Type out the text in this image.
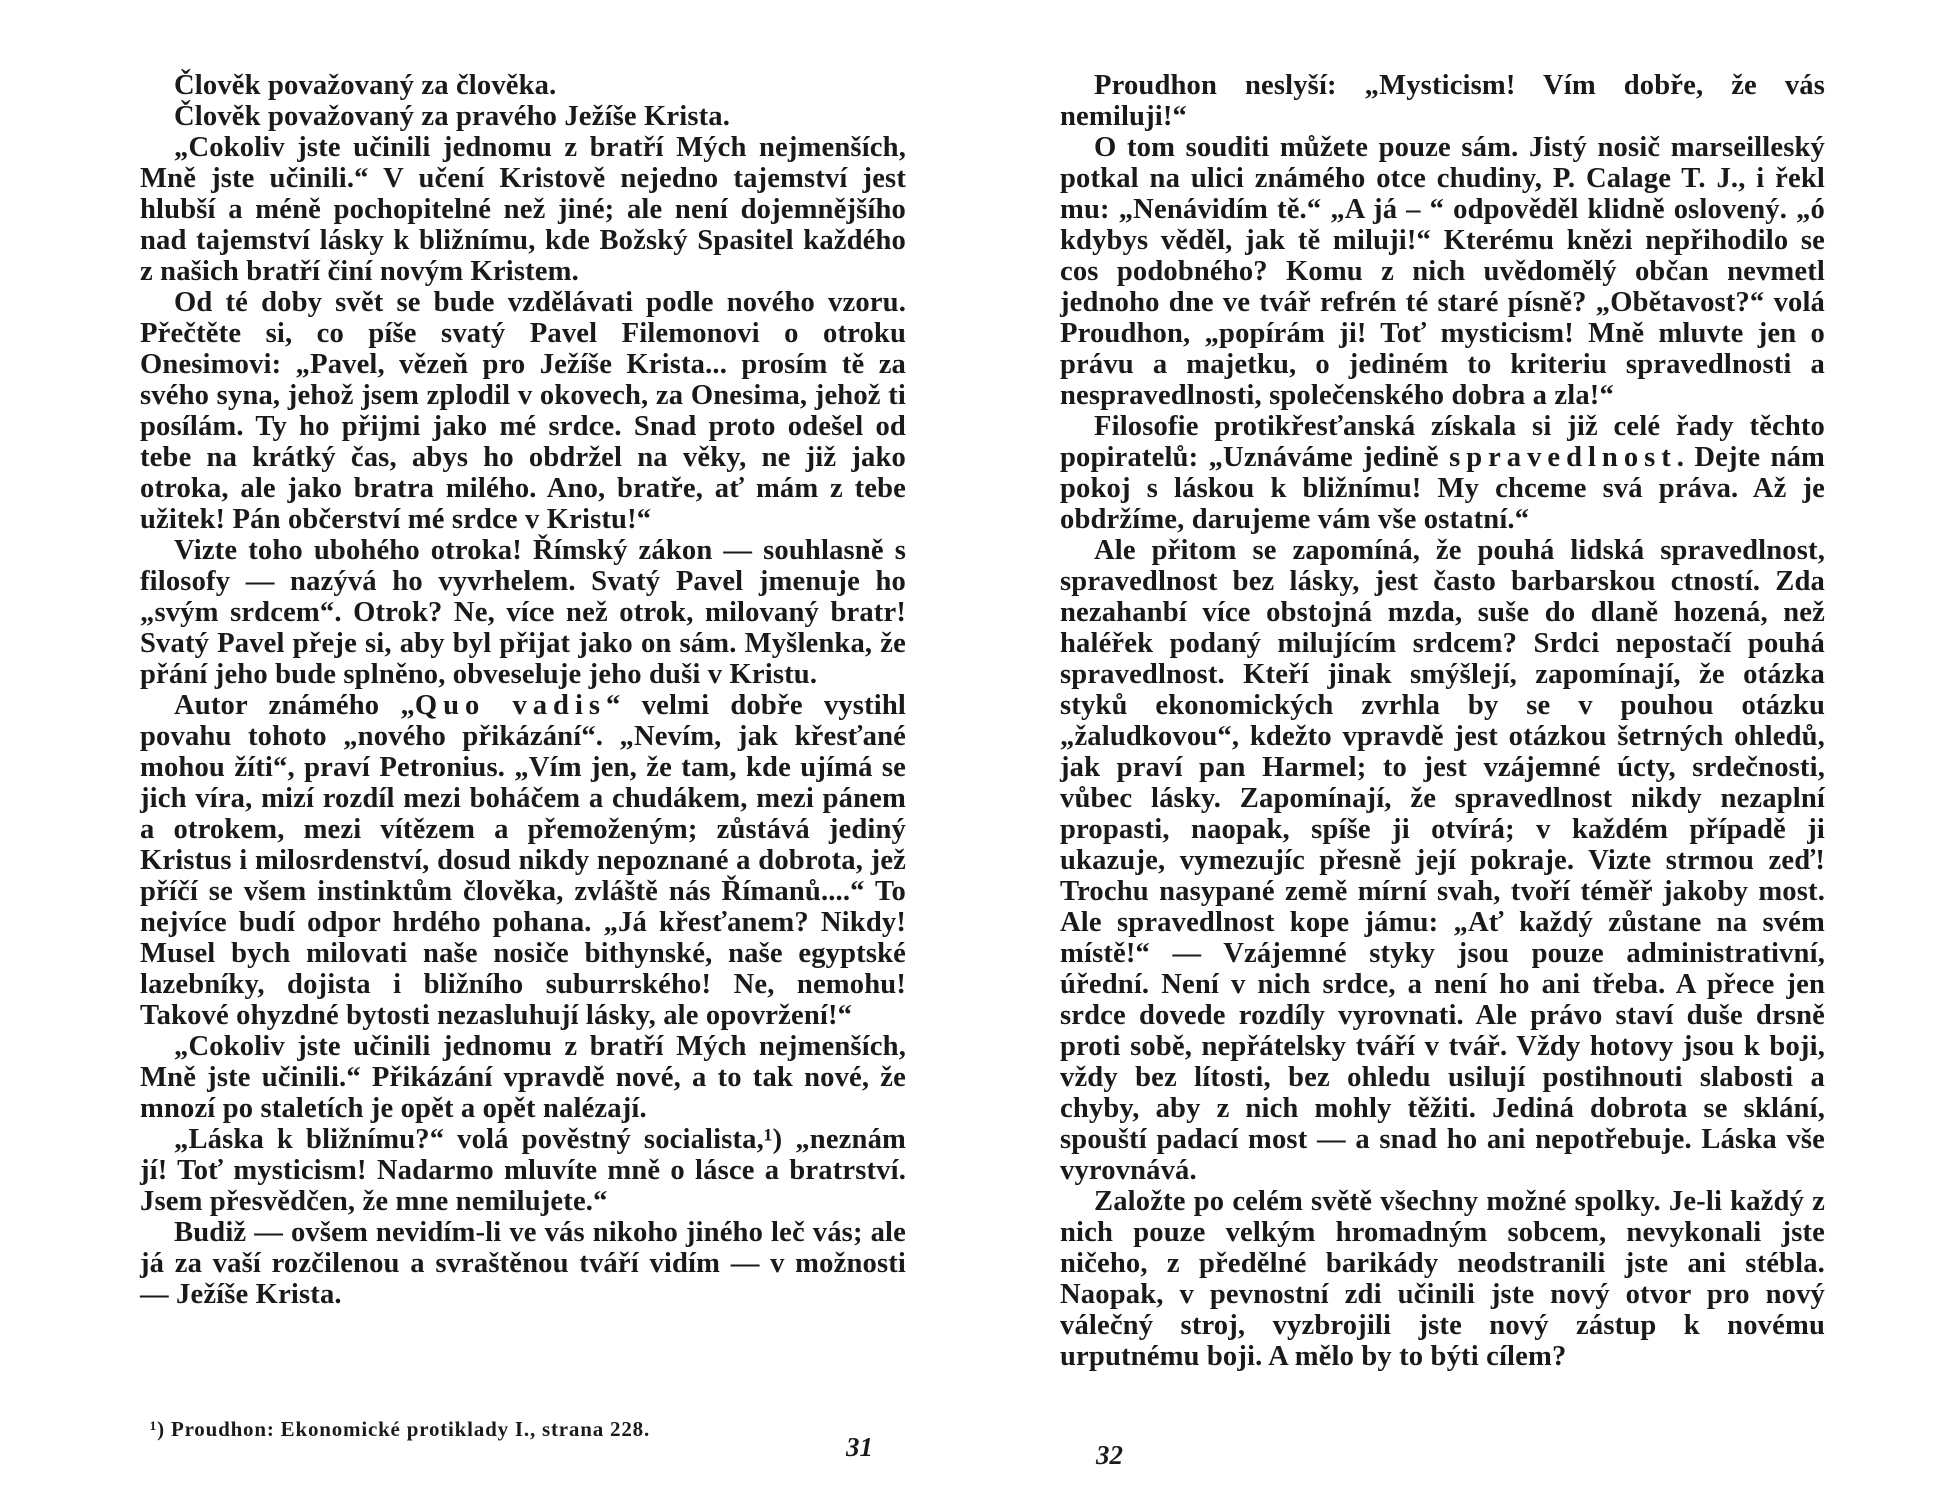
Člověk považovaný za člověka.

Člověk považovaný za pravého Ježíše Krista.

„Cokoliv jste učinili jednomu z bratří Mých nejmenších, Mně jste učinili.“ V učení Kristově nejedno tajemství jest hlubší a méně pochopitelné než jiné; ale není dojemnějšího nad tajemství lásky k bližnímu, kde Božský Spasitel každého z našich bratří činí novým Kristem.

Od té doby svět se bude vzdělávati podle nového vzoru. Přečtěte si, co píše svatý Pavel Filemonovi o otroku Onesimovi: „Pavel, vězeň pro Ježíše Krista... prosím tě za svého syna, jehož jsem zplodil v okovech, za Onesima, jehož ti posílám. Ty ho přijmi jako mé srdce. Snad proto odešel od tebe na krátký čas, abys ho obdržel na věky, ne již jako otroka, ale jako bratra milého. Ano, bratře, ať mám z tebe užitek! Pán občerství mé srdce v Kristu!“

Vizte toho ubohého otroka! Římský zákon — souhlasně s filosofy — nazývá ho vyvrhelem. Svatý Pavel jmenuje ho „svým srdcem“. Otrok? Ne, více než otrok, milovaný bratr! Svatý Pavel přeje si, aby byl přijat jako on sám. Myšlenka, že přání jeho bude splněno, obveseluje jeho duši v Kristu.

Autor známého „Quo vadis“ velmi dobře vystihl povahu tohoto „nového přikázání“. „Nevím, jak křesťané mohou žíti“, praví Petronius. „Vím jen, že tam, kde ujímá se jich víra, mizí rozdíl mezi boháčem a chudákem, mezi pánem a otrokem, mezi vítězem a přemoženým; zůstává jediný Kristus i milosrdenství, dosud nikdy nepoznané a dobrota, jež příčí se všem instinktům člověka, zvláště nás Římanů....“ To nejvíce budí odpor hrdého pohana. „Já křesťanem? Nikdy! Musel bych milovati naše nosiče bithynské, naše egyptské lazebníky, dojista i bližního suburrského! Ne, nemohu! Takové ohyzdné bytosti nezasluhují lásky, ale opovržení!“

„Cokoliv jste učinili jednomu z bratří Mých nejmenších, Mně jste učinili.“ Přikázání vpravdě nové, a to tak nové, že mnozí po staletích je opět a opět nalézají.

„Láska k bližnímu?“ volá pověstný socialista,¹) „neznám jí! Toť mysticism! Nadarmo mluvíte mně o lásce a bratrství. Jsem přesvědčen, že mne nemilujete.“

Budiž — ovšem nevidím-li ve vás nikoho jiného leč vás; ale já za vaší rozčilenou a svraštěnou tváří vidím — v možnosti — Ježíše Krista.

¹) Proudhon: Ekonomické protiklady I., strana 228.
31

Proudhon neslyší: „Mysticism! Vím dobře, že vás nemiluji!“

O tom souditi můžete pouze sám. Jistý nosič marseilleský potkal na ulici známého otce chudiny, P. Calage T. J., i řekl mu: „Nenávidím tě.“ „A já – “ odpověděl klidně oslovený. „ó kdybys věděl, jak tě miluji!“ Kterému knězi nepřihodilo se cos podobného? Komu z nich uvědomělý občan nevmetl jednoho dne ve tvář refrén té staré písně? „Obětavost?“ volá Proudhon, „popírám ji! Toť mysticism! Mně mluvte jen o právu a majetku, o jediném to kriteriu spravedlnosti a nespravedlnosti, společenského dobra a zla!“

Filosofie protikřesťanská získala si již celé řady těchto popiratelů: „Uznáváme jedině spravedlnost. Dejte nám pokoj s láskou k bližnímu! My chceme svá práva. Až je obdržíme, darujeme vám vše ostatní.“

Ale přitom se zapomíná, že pouhá lidská spravedlnost, spravedlnost bez lásky, jest často barbarskou ctností. Zda nezahanbí více obstojná mzda, suše do dlaně hozená, než haléřek podaný milujícím srdcem? Srdci nepostačí pouhá spravedlnost. Kteří jinak smýšlejí, zapomínají, že otázka styků ekonomických zvrhla by se v pouhou otázku „žaludkovou“, kdežto vpravdě jest otázkou šetrných ohledů, jak praví pan Harmel; to jest vzájemné úcty, srdečnosti, vůbec lásky. Zapomínají, že spravedlnost nikdy nezaplní propasti, naopak, spíše ji otvírá; v každém případě ji ukazuje, vymezujíc přesně její pokraje. Vizte strmou zeď! Trochu nasypané země mírní svah, tvoří téměř jakoby most. Ale spravedlnost kope jámu: „Ať každý zůstane na svém místě!“ — Vzájemné styky jsou pouze administrativní, úřední. Není v nich srdce, a není ho ani třeba. A přece jen srdce dovede rozdíly vyrovnati. Ale právo staví duše drsně proti sobě, nepřátelsky tváří v tvář. Vždy hotovy jsou k boji, vždy bez lítosti, bez ohledu usilují postihnouti slabosti a chyby, aby z nich mohly těžiti. Jediná dobrota se sklání, spouští padací most — a snad ho ani nepotřebuje. Láska vše vyrovnává.

Založte po celém světě všechny možné spolky. Je-li každý z nich pouze velkým hromadným sobcem, nevykonali jste ničeho, z předělné barikády neodstranili jste ani stébla. Naopak, v pevnostní zdi učinili jste nový otvor pro nový válečný stroj, vyzbrojili jste nový zástup k novému urputnému boji. A mělo by to býti cílem?

32
